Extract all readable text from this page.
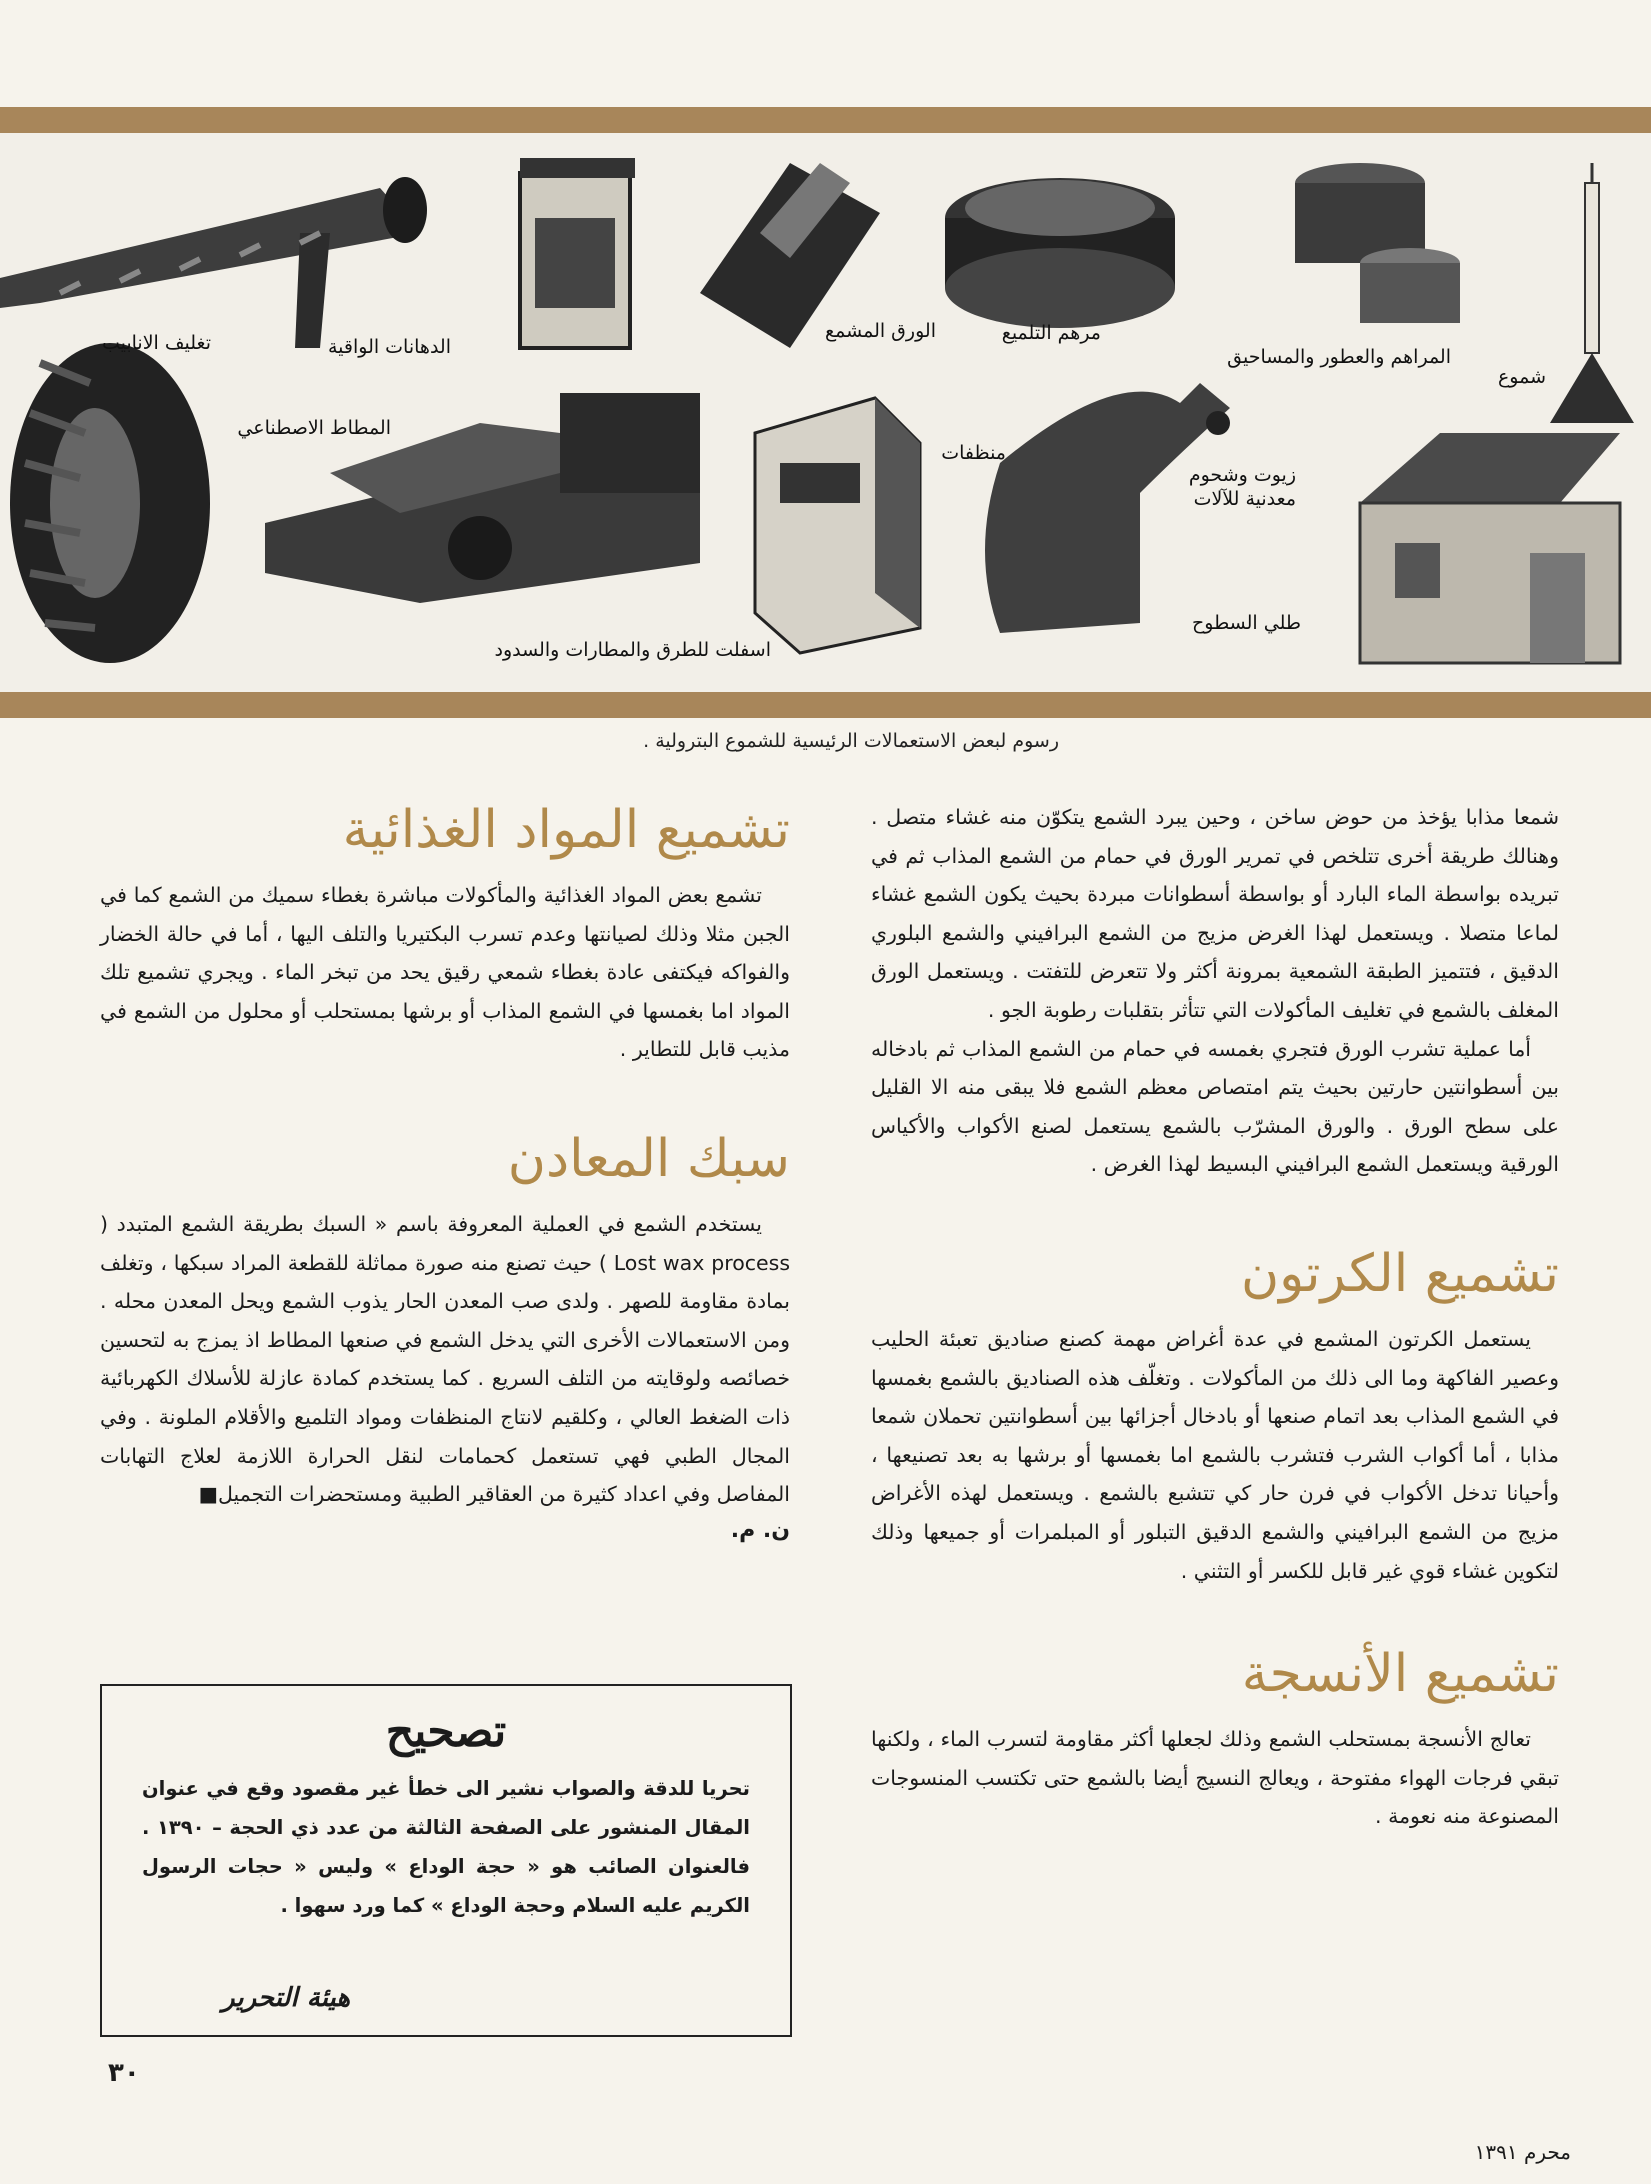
تغليف الانابيب	الدهانات الواقية
الورق المشمع	مرهم التلميع
المراهم والعطور والمساحيق
شموع
المطاط الاصطناعي
منظفات
زيوت وشحوم
معدنية للآلات
طلي السطوح
اسفلت للطرق والمطارات والسدود
رسوم لبعض الاستعمالات الرئيسية للشموع البترولية .

شمعا مذابا يؤخذ من حوض ساخن ، وحين يبرد الشمع يتكوّن منه غشاء متصل . وهنالك طريقة أخرى تتلخص في تمرير الورق في حمام من الشمع المذاب ثم في تبريده بواسطة الماء البارد أو بواسطة أسطوانات مبردة بحيث يكون الشمع غشاء لماعا متصلا . ويستعمل لهذا الغرض مزيج من الشمع البرافيني والشمع البلوري الدقيق ، فتتميز الطبقة الشمعية بمرونة أكثر ولا تتعرض للتفتت . ويستعمل الورق المغلف بالشمع في تغليف المأكولات التي تتأثر بتقلبات رطوبة الجو .

أما عملية تشرب الورق فتجري بغمسه في حمام من الشمع المذاب ثم بادخاله بين أسطوانتين حارتين بحيث يتم امتصاص معظم الشمع فلا يبقى منه الا القليل على سطح الورق . والورق المشرّب بالشمع يستعمل لصنع الأكواب والأكياس الورقية ويستعمل الشمع البرافيني البسيط لهذا الغرض .

تشميع الكرتون

يستعمل الكرتون المشمع في عدة أغراض مهمة كصنع صناديق تعبئة الحليب وعصير الفاكهة وما الى ذلك من المأكولات . وتغلّف هذه الصناديق بالشمع بغمسها في الشمع المذاب بعد اتمام صنعها أو بادخال أجزائها بين أسطوانتين تحملان شمعا مذابا ، أما أكواب الشرب فتشرب بالشمع اما بغمسها أو برشها به بعد تصنيعها ، وأحيانا تدخل الأكواب في فرن حار كي تتشبع بالشمع . ويستعمل لهذه الأغراض مزيج من الشمع البرافيني والشمع الدقيق التبلور أو المبلمرات أو جميعها وذلك لتكوين غشاء قوي غير قابل للكسر أو التثني .

تشميع الأنسجة

تعالج الأنسجة بمستحلب الشمع وذلك لجعلها أكثر مقاومة لتسرب الماء ، ولكنها تبقي فرجات الهواء مفتوحة ، ويعالج النسيج أيضا بالشمع حتى تكتسب المنسوجات المصنوعة منه نعومة .

تشميع المواد الغذائية

تشمع بعض المواد الغذائية والمأكولات مباشرة بغطاء سميك من الشمع كما في الجبن مثلا وذلك لصيانتها وعدم تسرب البكتيريا والتلف اليها ، أما في حالة الخضار والفواكه فيكتفى عادة بغطاء شمعي رقيق يحد من تبخر الماء . ويجري تشميع تلك المواد اما بغمسها في الشمع المذاب أو برشها بمستحلب أو محلول من الشمع في مذيب قابل للتطاير .

سبك المعادن

يستخدم الشمع في العملية المعروفة باسم « السبك بطريقة الشمع المتبدد ( Lost wax process ) حيث تصنع منه صورة مماثلة للقطعة المراد سبكها ، وتغلف بمادة مقاومة للصهر . ولدى صب المعدن الحار يذوب الشمع ويحل المعدن محله . ومن الاستعمالات الأخرى التي يدخل الشمع في صنعها المطاط اذ يمزج به لتحسين خصائصه ولوقايته من التلف السريع . كما يستخدم كمادة عازلة للأسلاك الكهربائية ذات الضغط العالي ، وكلقيم لانتاج المنظفات ومواد التلميع والأقلام الملونة . وفي المجال الطبي فهي تستعمل كحمامات لنقل الحرارة اللازمة لعلاج التهابات المفاصل وفي اعداد كثيرة من العقاقير الطبية ومستحضرات التجميل■

ن. م.
تصحيح
تحريا للدقة والصواب نشير الى خطأ غير مقصود وقع في عنوان المقال المنشور على الصفحة الثالثة من عدد ذي الحجة – ١٣٩٠ . فالعنوان الصائب هو « حجة الوداع » وليس « حجات الرسول الكريم عليه السلام وحجة الوداع » كما ورد سهوا .
هيئة التحرير
٣٠
محرم ١٣٩١
